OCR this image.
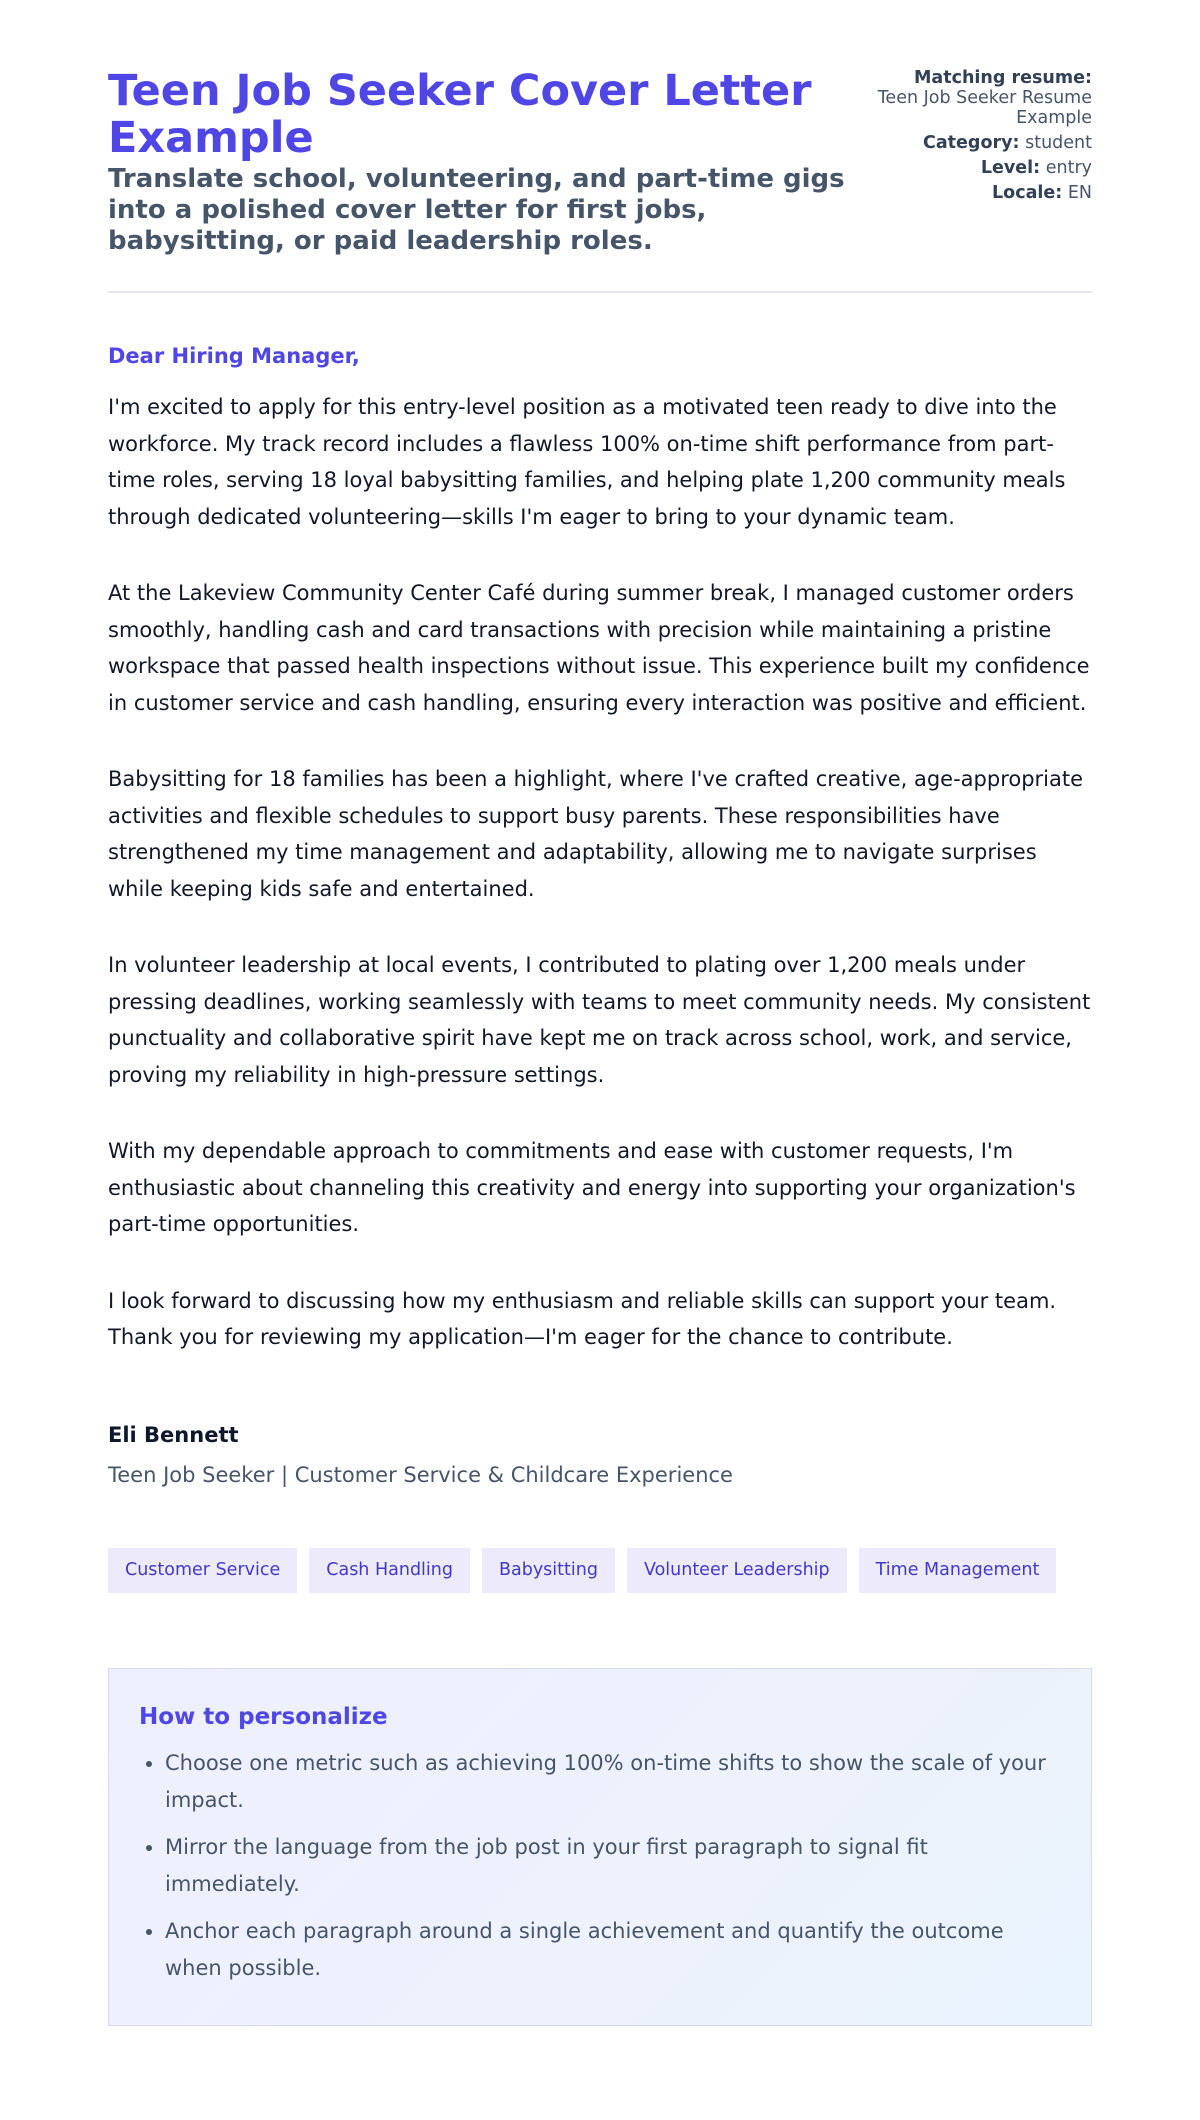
Teen Job Seeker Cover Letter Example

Translate school, volunteering, and part-time gigs into a polished cover letter for first jobs, babysitting, or paid leadership roles.

Matching resume:
Teen Job Seeker Resume Example
Category: student
Level: entry
Locale: EN

Dear Hiring Manager,

I'm excited to apply for this entry-level position as a motivated teen ready to dive into the workforce. My track record includes a flawless 100% on-time shift performance from part-time roles, serving 18 loyal babysitting families, and helping plate 1,200 community meals through dedicated volunteering—skills I'm eager to bring to your dynamic team.

At the Lakeview Community Center Café during summer break, I managed customer orders smoothly, handling cash and card transactions with precision while maintaining a pristine workspace that passed health inspections without issue. This experience built my confidence in customer service and cash handling, ensuring every interaction was positive and efficient.

Babysitting for 18 families has been a highlight, where I've crafted creative, age-appropriate activities and flexible schedules to support busy parents. These responsibilities have strengthened my time management and adaptability, allowing me to navigate surprises while keeping kids safe and entertained.

In volunteer leadership at local events, I contributed to plating over 1,200 meals under pressing deadlines, working seamlessly with teams to meet community needs. My consistent punctuality and collaborative spirit have kept me on track across school, work, and service, proving my reliability in high-pressure settings.

With my dependable approach to commitments and ease with customer requests, I'm enthusiastic about channeling this creativity and energy into supporting your organization's part-time opportunities.

I look forward to discussing how my enthusiasm and reliable skills can support your team. Thank you for reviewing my application—I'm eager for the chance to contribute.

Eli Bennett

Teen Job Seeker | Customer Service & Childcare Experience

Customer Service	Cash Handling	Babysitting	Volunteer Leadership	Time Management
How to personalize
• Choose one metric such as achieving 100% on-time shifts to show the scale of your impact.
• Mirror the language from the job post in your first paragraph to signal fit immediately.
• Anchor each paragraph around a single achievement and quantify the outcome when possible.
